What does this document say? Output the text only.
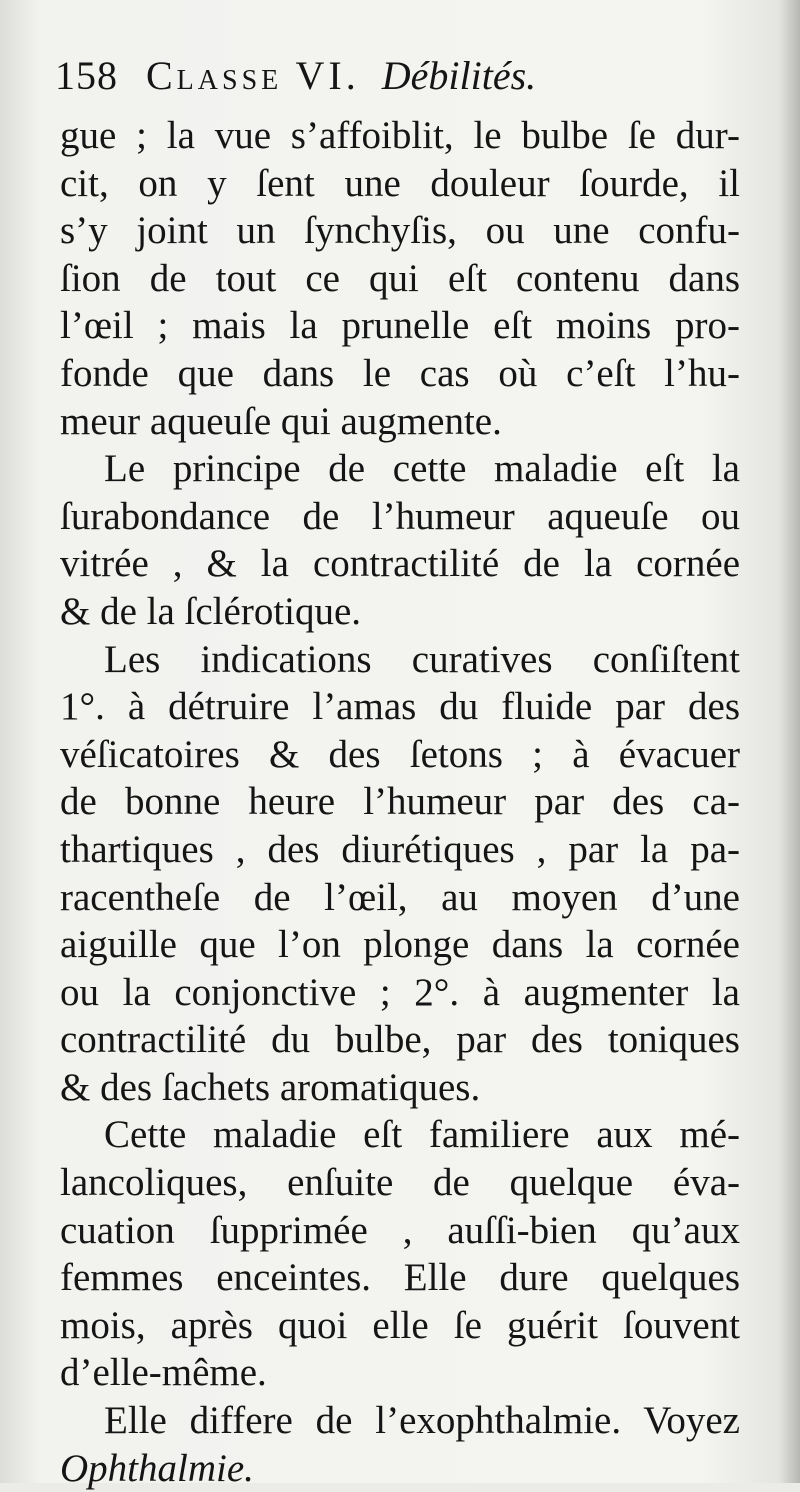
158 Classe VI. Débilités.
gue ; la vue s’affoiblit, le bulbe ſe dur-
cit, on y ſent une douleur ſourde, il
s’y joint un ſynchyſis, ou une confu-
ſion de tout ce qui eſt contenu dans
l’œil ; mais la prunelle eſt moins pro-
fonde que dans le cas où c’eſt l’hu-
meur aqueuſe qui augmente.
Le principe de cette maladie eſt la
ſurabondance de l’humeur aqueuſe ou
vitrée , & la contractilité de la cornée
& de la ſclérotique.
Les indications curatives conſiſtent
1°. à détruire l’amas du fluide par des
véſicatoires & des ſetons ; à évacuer
de bonne heure l’humeur par des ca-
thartiques , des diurétiques , par la pa-
racentheſe de l’œil, au moyen d’une
aiguille que l’on plonge dans la cornée
ou la conjonctive ; 2°. à augmenter la
contractilité du bulbe, par des toniques
& des ſachets aromatiques.
Cette maladie eſt familiere aux mé-
lancoliques, enſuite de quelque éva-
cuation ſupprimée , auſſi-bien qu’aux
femmes enceintes. Elle dure quelques
mois, après quoi elle ſe guérit ſouvent
d’elle-même.
Elle differe de l’exophthalmie. Voyez
Ophthalmie.
